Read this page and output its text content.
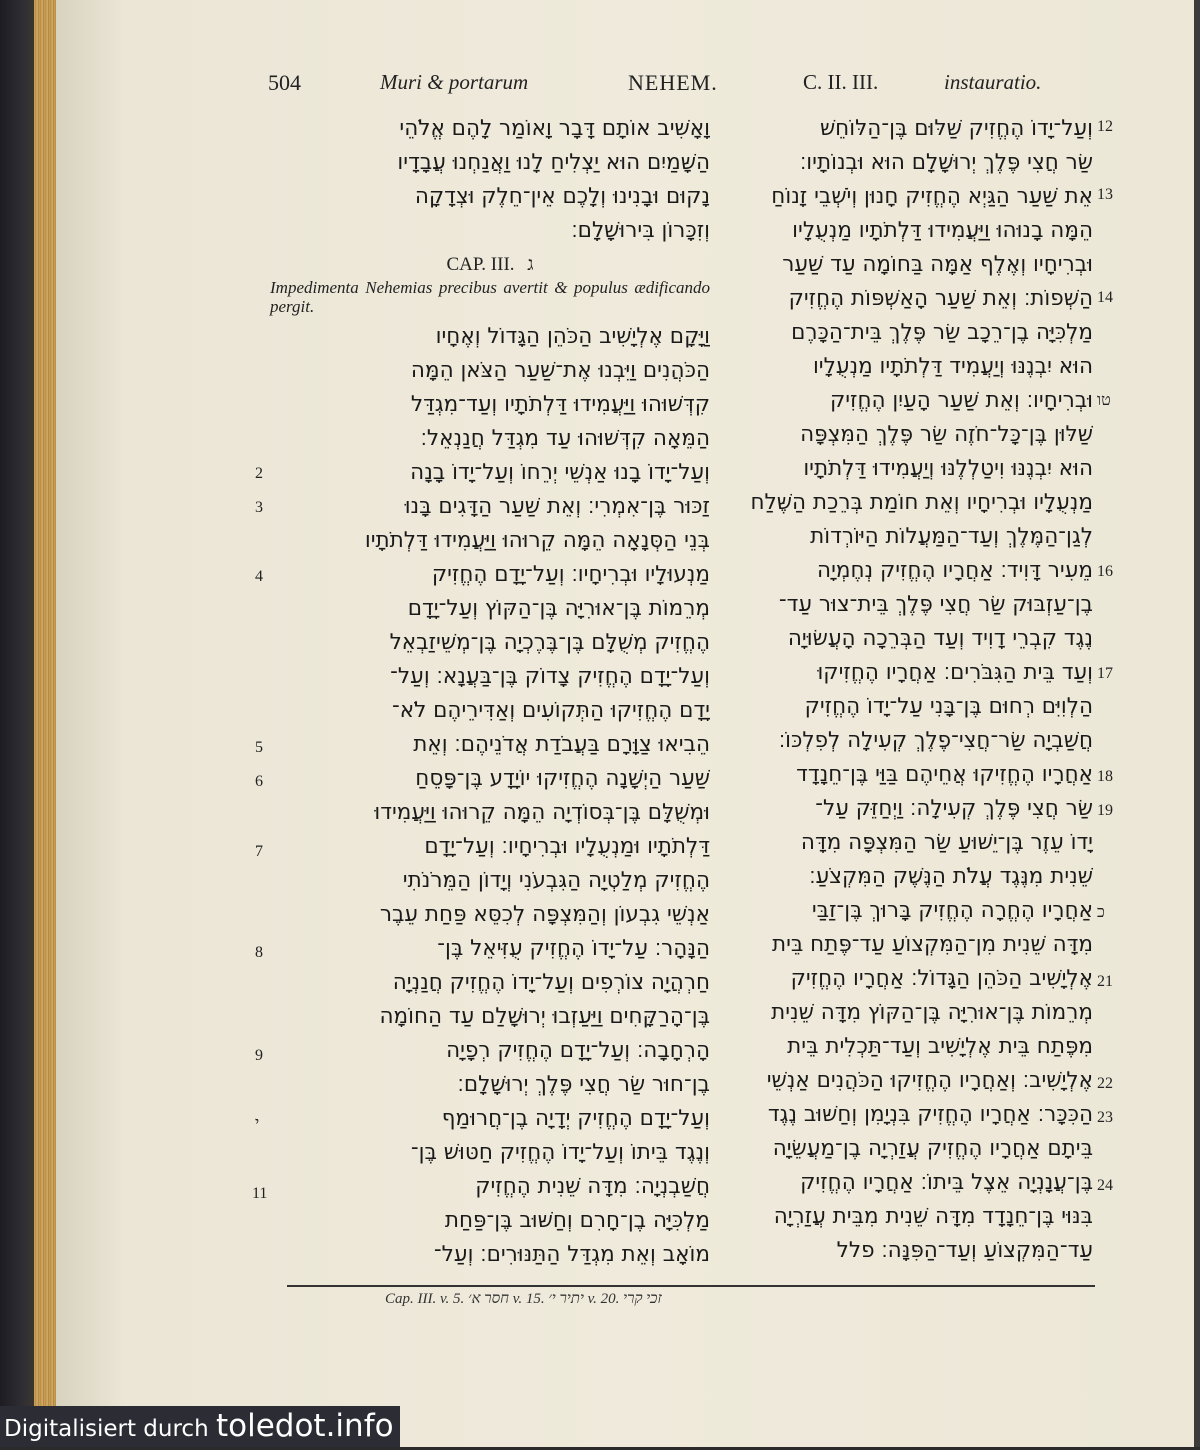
504	Muri & portarum	NEHEM.	C. II. III.	instauratio.
וָאָשִׁיב אוֹתָם דָּבָר וָאוֹמַר לָהֶם אֱלֹהֵי
הַשָּׁמַיִם הוּא יַצְלִיחַ לָנוּ וַאֲנַחְנוּ עֲבָדָיו
נָקוּם וּבָנִינוּ וְלָכֶם אֵין־חֵלֶק וּצְדָקָה
וְזִכָּרוֹן בִּירוּשָׁלִָם׃
CAP. III. ג
Impedimenta Nehemias precibus avertit & populus ædificando pergit.
וַיָּקָם אֶלְיָשִׁיב הַכֹּהֵן הַגָּדוֹל וְאֶחָיו
הַכֹּהֲנִים וַיִּבְנוּ אֶת־שַׁעַר הַצֹּאן הֵמָּה
קִדְּשׁוּהוּ וַיַּעֲמִידוּ דַּלְתֹתָיו וְעַד־מִגְדַּל
הַמֵּאָה קִדְּשׁוּהוּ עַד מִגְדַּל חֲנַנְאֵל׃
וְעַל־יָדוֹ בָנוּ אַנְשֵׁי יְרֵחוֹ וְעַל־יָדוֹ בָנָה
זַכּוּר בֶּן־אִמְרִי׃ וְאֵת שַׁעַר הַדָּגִים בָּנוּ
בְּנֵי הַסְּנָאָה הֵמָּה קֵרוּהוּ וַיַּעֲמִידוּ דַּלְתֹתָיו
מַנְעוּלָיו וּבְרִיחָיו׃ וְעַל־יָדָם הֶחֱזִיק
מְרֵמוֹת בֶּן־אוּרִיָּה בֶּן־הַקּוֹץ וְעַל־יָדָם
הֶחֱזִיק מְשֻׁלָּם בֶּן־בֶּרֶכְיָה בֶּן־מְשֵׁיזַבְאֵל
וְעַל־יָדָם הֶחֱזִיק צָדוֹק בֶּן־בַּעֲנָא׃ וְעַל־
יָדָם הֶחֱזִיקוּ הַתְּקוֹעִים וְאַדִּירֵיהֶם לֹא־
הֵבִיאוּ צַוָּרָם בַּעֲבֹדַת אֲדֹנֵיהֶם׃ וְאֵת
שַׁעַר הַיְשָׁנָה הֶחֱזִיקוּ יוֹיָדָע בֶּן־פָּסֵחַ
וּמְשֻׁלָּם בֶּן־בְּסוֹדְיָה הֵמָּה קֵרוּהוּ וַיַּעֲמִידוּ
דַּלְתֹתָיו וּמַנְעֻלָיו וּבְרִיחָיו׃ וְעַל־יָדָם
הֶחֱזִיק מְלַטְיָה הַגִּבְעֹנִי וְיָדוֹן הַמֵּרֹנֹתִי
אַנְשֵׁי גִבְעוֹן וְהַמִּצְפָּה לְכִסֵּא פַּחַת עֵבֶר
הַנָּהָר׃ עַל־יָדוֹ הֶחֱזִיק עֻזִּיאֵל בֶּן־
חַרְהֲיָה צוֹרְפִים וְעַל־יָדוֹ הֶחֱזִיק חֲנַנְיָה
בֶּן־הָרַקָּחִים וַיַּעַזְבוּ יְרוּשָׁלִַם עַד הַחוֹמָה
הָרְחָבָה׃ וְעַל־יָדָם הֶחֱזִיק רְפָיָה
בֶן־חוּר שַׂר חֲצִי פֶּלֶךְ יְרוּשָׁלִָם׃
וְעַל־יָדָם הֶחֱזִיק יְדָיָה בֶן־חֲרוּמַף
וְנֶגֶד בֵּיתוֹ וְעַל־יָדוֹ הֶחֱזִיק חַטּוּשׁ בֶּן־
חֲשַׁבְנְיָה׃ מִדָּה שֵׁנִית הֶחֱזִיק
מַלְכִּיָּה בֶן־חָרִם וְחַשּׁוּב בֶּן־פַּחַת
מוֹאָב וְאֵת מִגְדַּל הַתַּנּוּרִים׃ וְעַל־
וְעַל־יָדוֹ הֶחֱזִיק שַׁלּוּם בֶּן־הַלּוֹחֵשׁ
שַׂר חֲצִי פֶּלֶךְ יְרוּשָׁלִָם הוּא וּבְנוֹתָיו׃
אֵת שַׁעַר הַגַּיְא הֶחֱזִיק חָנוּן וְיֹשְׁבֵי זָנוֹחַ
הֵמָּה בָנוּהוּ וַיַּעֲמִידוּ דַּלְתֹתָיו מַנְעֻלָיו
וּבְרִיחָיו וְאֶלֶף אַמָּה בַּחוֹמָה עַד שַׁעַר
הַשְׁפוֹת׃ וְאֵת שַׁעַר הָאַשְׁפּוֹת הֶחֱזִיק
מַלְכִּיָּה בֶן־רֵכָב שַׂר פֶּלֶךְ בֵּית־הַכָּרֶם
הוּא יִבְנֶנּוּ וְיַעֲמִיד דַּלְתֹתָיו מַנְעֻלָיו
וּבְרִיחָיו׃ וְאֵת שַׁעַר הָעַיִן הֶחֱזִיק
שַׁלּוּן בֶּן־כָּל־חֹזֶה שַׂר פֶּלֶךְ הַמִּצְפָּה
הוּא יִבְנֶנּוּ וִיטַלְלֶנּוּ וְיַעֲמִידוּ דַּלְתֹתָיו
מַנְעֻלָיו וּבְרִיחָיו וְאֵת חוֹמַת בְּרֵכַת הַשֶּׁלַח
לְגַן־הַמֶּלֶךְ וְעַד־הַמַּעֲלוֹת הַיּוֹרְדוֹת
מֵעִיר דָּוִיד׃ אַחֲרָיו הֶחֱזִיק נְחֶמְיָה
בֶן־עַזְבּוּק שַׂר חֲצִי פֶּלֶךְ בֵּית־צוּר עַד־
נֶגֶד קִבְרֵי דָוִיד וְעַד הַבְּרֵכָה הָעֲשׂוּיָה
וְעַד בֵּית הַגִּבֹּרִים׃ אַחֲרָיו הֶחֱזִיקוּ
הַלְוִיִּם רְחוּם בֶּן־בָּנִי עַל־יָדוֹ הֶחֱזִיק
חֲשַׁבְיָה שַׂר־חֲצִי־פֶלֶךְ קְעִילָה לְפִלְכּוֹ׃
אַחֲרָיו הֶחֱזִיקוּ אֲחֵיהֶם בַּוַּי בֶּן־חֵנָדָד
שַׂר חֲצִי פֶּלֶךְ קְעִילָה׃ וַיְחַזֵּק עַל־
יָדוֹ עֵזֶר בֶּן־יֵשׁוּעַ שַׂר הַמִּצְפָּה מִדָּה
שֵׁנִית מִנֶּגֶד עֲלֹת הַנֶּשֶׁק הַמִּקְצֹעַ׃
אַחֲרָיו הֶחֱרָה הֶחֱזִיק בָּרוּךְ בֶּן־זַבַּי
מִדָּה שֵׁנִית מִן־הַמִּקְצוֹעַ עַד־פֶּתַח בֵּית
אֶלְיָשִׁיב הַכֹּהֵן הַגָּדוֹל׃ אַחֲרָיו הֶחֱזִיק
מְרֵמוֹת בֶּן־אוּרִיָּה בֶּן־הַקּוֹץ מִדָּה שֵׁנִית
מִפֶּתַח בֵּית אֶלְיָשִׁיב וְעַד־תַּכְלִית בֵּית
אֶלְיָשִׁיב׃ וְאַחֲרָיו הֶחֱזִיקוּ הַכֹּהֲנִים אַנְשֵׁי
הַכִּכָּר׃ אַחֲרָיו הֶחֱזִיק בִּנְיָמִן וְחַשּׁוּב נֶגֶד
בֵּיתָם אַחֲרָיו הֶחֱזִיק עֲזַרְיָה בֶן־מַעֲשֵׂיָה
בֶּן־עֲנָנְיָה אֵצֶל בֵּיתוֹ׃ אַחֲרָיו הֶחֱזִיק
בִּנּוּי בֶּן־חֵנָדָד מִדָּה שֵׁנִית מִבֵּית עֲזַרְיָה
עַד־הַמִּקְצוֹעַ וְעַד־הַפִּנָּה׃ פלל
2
3
4
5
6
7
8
9
י
11
12
13
14
טו
16
17
18
19
כ
21
22
23
24
Cap. III. v. 5. חסר א׳ v. 15. יתיר י׳ v. 20. זכי קרי
Digitalisiert durch toledot.info
